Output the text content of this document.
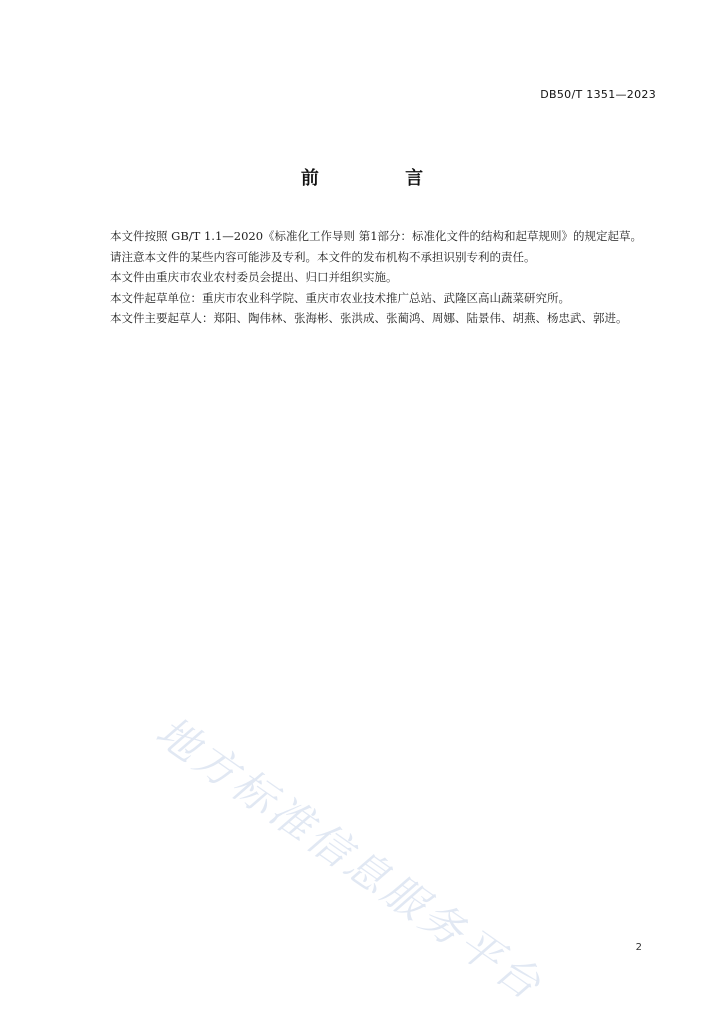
DB50/T 1351—2023
前 言

本文件按照 GB/T 1.1—2020《标准化工作导则 第1部分：标准化文件的结构和起草规则》的规定起草。

请注意本文件的某些内容可能涉及专利。本文件的发布机构不承担识别专利的责任。

本文件由重庆市农业农村委员会提出、归口并组织实施。

本文件起草单位：重庆市农业科学院、重庆市农业技术推广总站、武隆区高山蔬菜研究所。

本文件主要起草人：郑阳、陶伟林、张海彬、张洪成、张蔺鸿、周娜、陆景伟、胡燕、杨忠武、郭进。

地方标准信息服务平台	2
